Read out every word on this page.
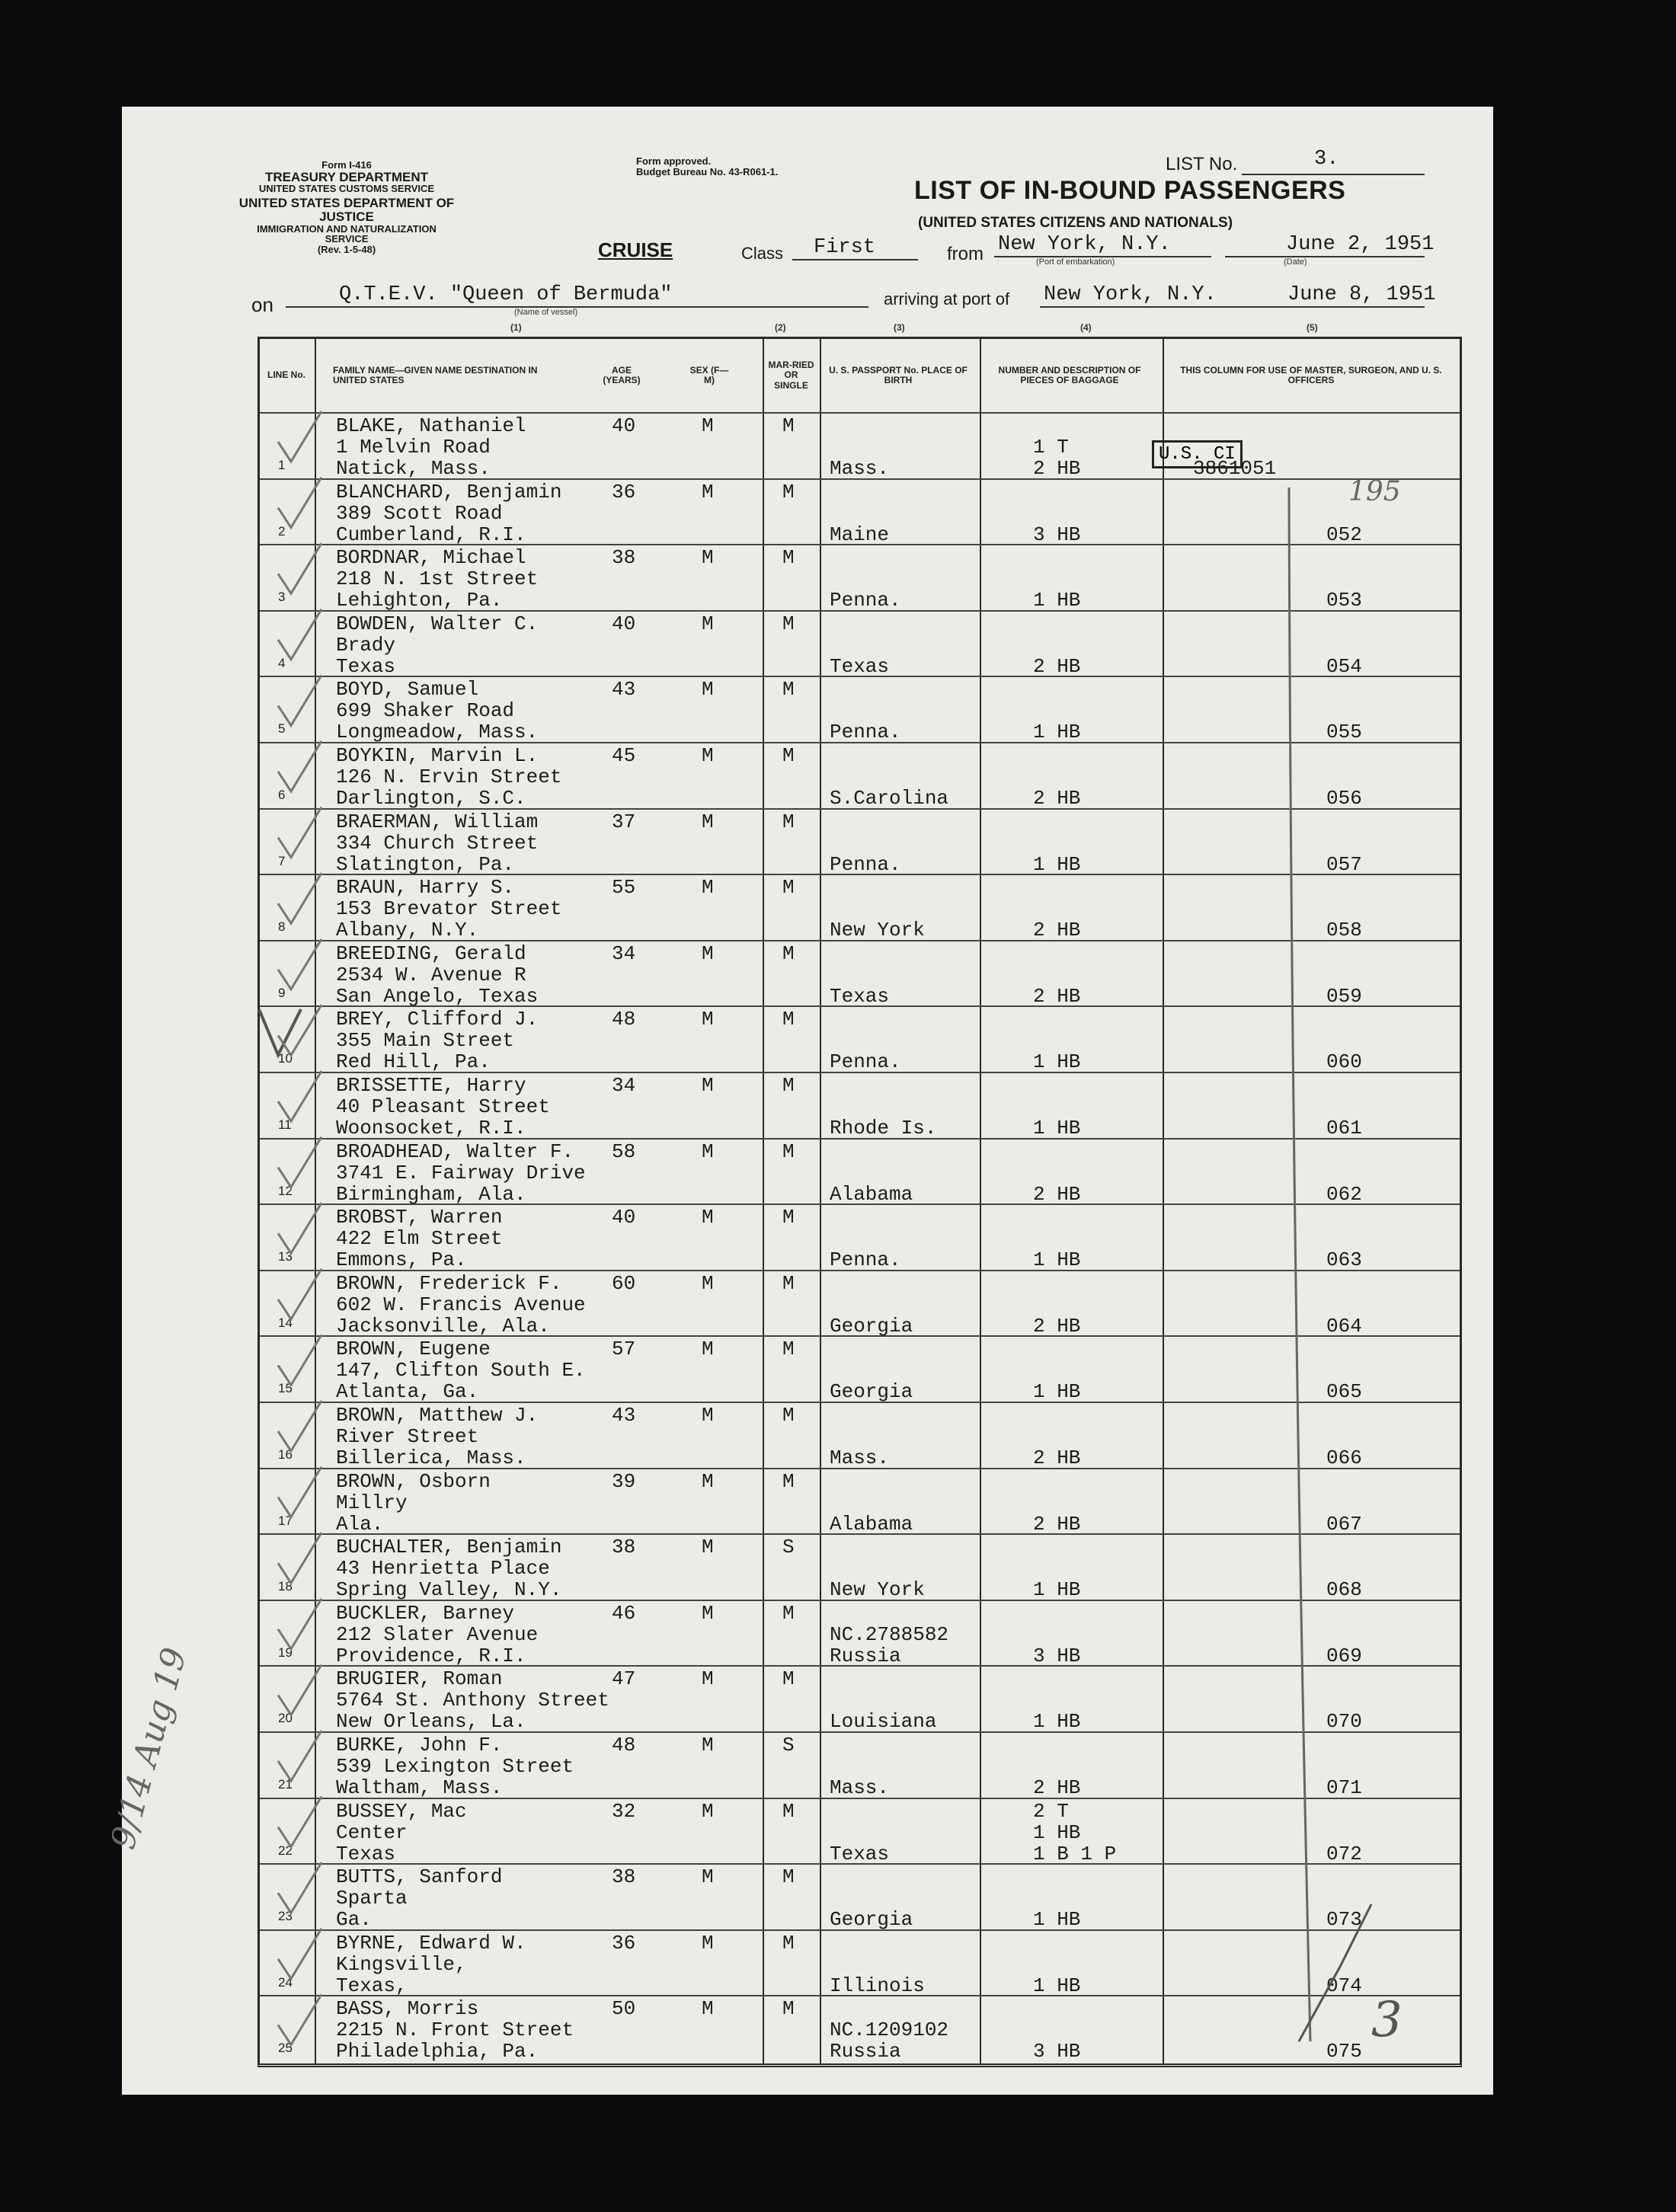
Form I-416
TREASURY DEPARTMENT
UNITED STATES CUSTOMS SERVICE
UNITED STATES DEPARTMENT OF JUSTICE
IMMIGRATION AND NATURALIZATION SERVICE
(Rev. 1-5-48)
Form approved.
Budget Bureau No. 43-R061-1.	LIST No.	3.
LIST OF IN-BOUND PASSENGERS
(UNITED STATES CITIZENS AND NATIONALS)
CRUISE	Class First	from New York, N.Y.
(Port of embarkation)
June 2, 1951
(Date)
on	Q.T.E.V. "Queen of Bermuda"
(Name of vessel)
arriving at port of New York, N.Y.	June 8, 1951
(1)	(2)	(3)	(4)	(5)
LINE No.	FAMILY NAME—GIVEN NAME DESTINATION IN UNITED STATES
AGE (YEARS)
SEX (F—M)
MAR-RIED OR SINGLE
U. S. PASSPORT No. PLACE OF BIRTH
NUMBER AND DESCRIPTION OF PIECES OF BAGGAGE
THIS COLUMN FOR USE OF MASTER, SURGEON, AND U. S. OFFICERS
1
BLAKE, Nathaniel
1 Melvin Road
Natick, Mass.
40	M	M
Mass.
1 T
2 HB	3861051
2
BLANCHARD, Benjamin
389 Scott Road
Cumberland, R.I.
36	M	M
Maine	3 HB	052
3
BORDNAR, Michael
218 N. 1st Street
Lehighton, Pa.
38	M	M
Penna.	1 HB	053
4
BOWDEN, Walter C.
Brady
Texas
40	M	M
Texas	2 HB	054
5
BOYD, Samuel
699 Shaker Road
Longmeadow, Mass.
43	M	M
Penna.	1 HB	055
6
BOYKIN, Marvin L.
126 N. Ervin Street
Darlington, S.C.
45	M	M
S.Carolina	2 HB	056
7
BRAERMAN, William
334 Church Street
Slatington, Pa.
37	M	M
Penna.	1 HB	057
8
BRAUN, Harry S.
153 Brevator Street
Albany, N.Y.
55	M	M
New York	2 HB	058
9
BREEDING, Gerald
2534 W. Avenue R
San Angelo, Texas
34	M	M
Texas	2 HB	059
10
BREY, Clifford J.
355 Main Street
Red Hill, Pa.
48	M	M
Penna.	1 HB	060
11
BRISSETTE, Harry
40 Pleasant Street
Woonsocket, R.I.
34	M	M
Rhode Is.	1 HB	061
12
BROADHEAD, Walter F.
3741 E. Fairway Drive
Birmingham, Ala.
58	M	M
Alabama	2 HB	062
13
BROBST, Warren
422 Elm Street
Emmons, Pa.
40	M	M
Penna.	1 HB	063
14
BROWN, Frederick F.
602 W. Francis Avenue
Jacksonville, Ala.
60	M	M
Georgia	2 HB	064
15
BROWN, Eugene
147, Clifton South E.
Atlanta, Ga.
57	M	M
Georgia	1 HB	065
16
BROWN, Matthew J.
River Street
Billerica, Mass.
43	M	M
Mass.	2 HB	066
17
BROWN, Osborn
Millry
Ala.
39	M	M
Alabama	2 HB	067
18
BUCHALTER, Benjamin
43 Henrietta Place
Spring Valley, N.Y.
38	M	S
New York	1 HB	068
19
BUCKLER, Barney
212 Slater Avenue
Providence, R.I.
46	M	M
NC.2788582
Russia	3 HB	069
20
BRUGIER, Roman
5764 St. Anthony Street
New Orleans, La.
47	M	M
Louisiana	1 HB	070
21
BURKE, John F.
539 Lexington Street
Waltham, Mass.
48	M	S
Mass.	2 HB	071
22
BUSSEY, Mac
Center
Texas
32	M	M
Texas
2 T
1 HB
1 B 1 P	072
23
BUTTS, Sanford
Sparta
Ga.
38	M	M
Georgia	1 HB	073
24
BYRNE, Edward W.
Kingsville,
Texas,
36	M	M
Illinois	1 HB	074
25
BASS, Morris
2215 N. Front Street
Philadelphia, Pa.
50	M	M
NC.1209102
Russia	3 HB	075
U.S. CI
195
3
9/14 Aug 19
